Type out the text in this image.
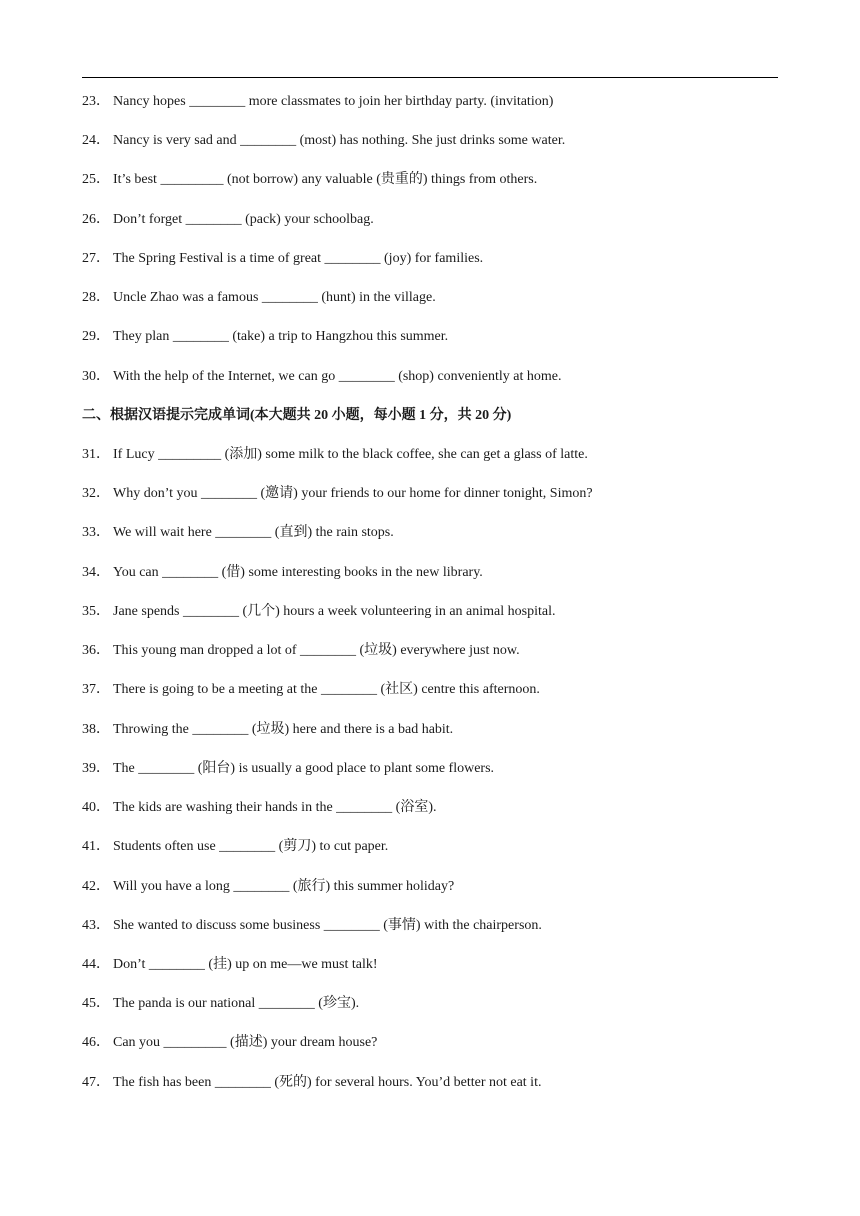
23． Nancy hopes ________ more classmates to join her birthday party. (invitation)
24． Nancy is very sad and ________ (most) has nothing. She just drinks some water.
25． It’s best _________ (not borrow) any valuable (贵重的) things from others.
26． Don’t forget ________ (pack) your schoolbag.
27． The Spring Festival is a time of great ________ (joy) for families.
28． Uncle Zhao was a famous ________ (hunt) in the village.
29． They plan ________ (take) a trip to Hangzhou this summer.
30． With the help of the Internet, we can go ________ (shop) conveniently at home.
二、根据汉语提示完成单词(本大题共 20 小题，每小题 1 分，共 20 分)
31． If Lucy _________ (添加) some milk to the black coffee, she can get a glass of latte.
32． Why don’t you ________ (邀请) your friends to our home for dinner tonight, Simon?
33． We will wait here ________ (直到) the rain stops.
34． You can ________ (借) some interesting books in the new library.
35． Jane spends ________ (几个) hours a week volunteering in an animal hospital.
36． This young man dropped a lot of ________ (垃圾) everywhere just now.
37． There is going to be a meeting at the ________ (社区) centre this afternoon.
38． Throwing the ________ (垃圾) here and there is a bad habit.
39． The ________ (阳台) is usually a good place to plant some flowers.
40． The kids are washing their hands in the ________ (浴室).
41． Students often use ________ (剪刀) to cut paper.
42． Will you have a long ________ (旅行) this summer holiday?
43． She wanted to discuss some business ________ (事情) with the chairperson.
44． Don’t ________ (挂) up on me—we must talk!
45． The panda is our national ________ (珍宝).
46． Can you _________ (描述) your dream house?
47． The fish has been ________ (死的) for several hours. You’d better not eat it.
